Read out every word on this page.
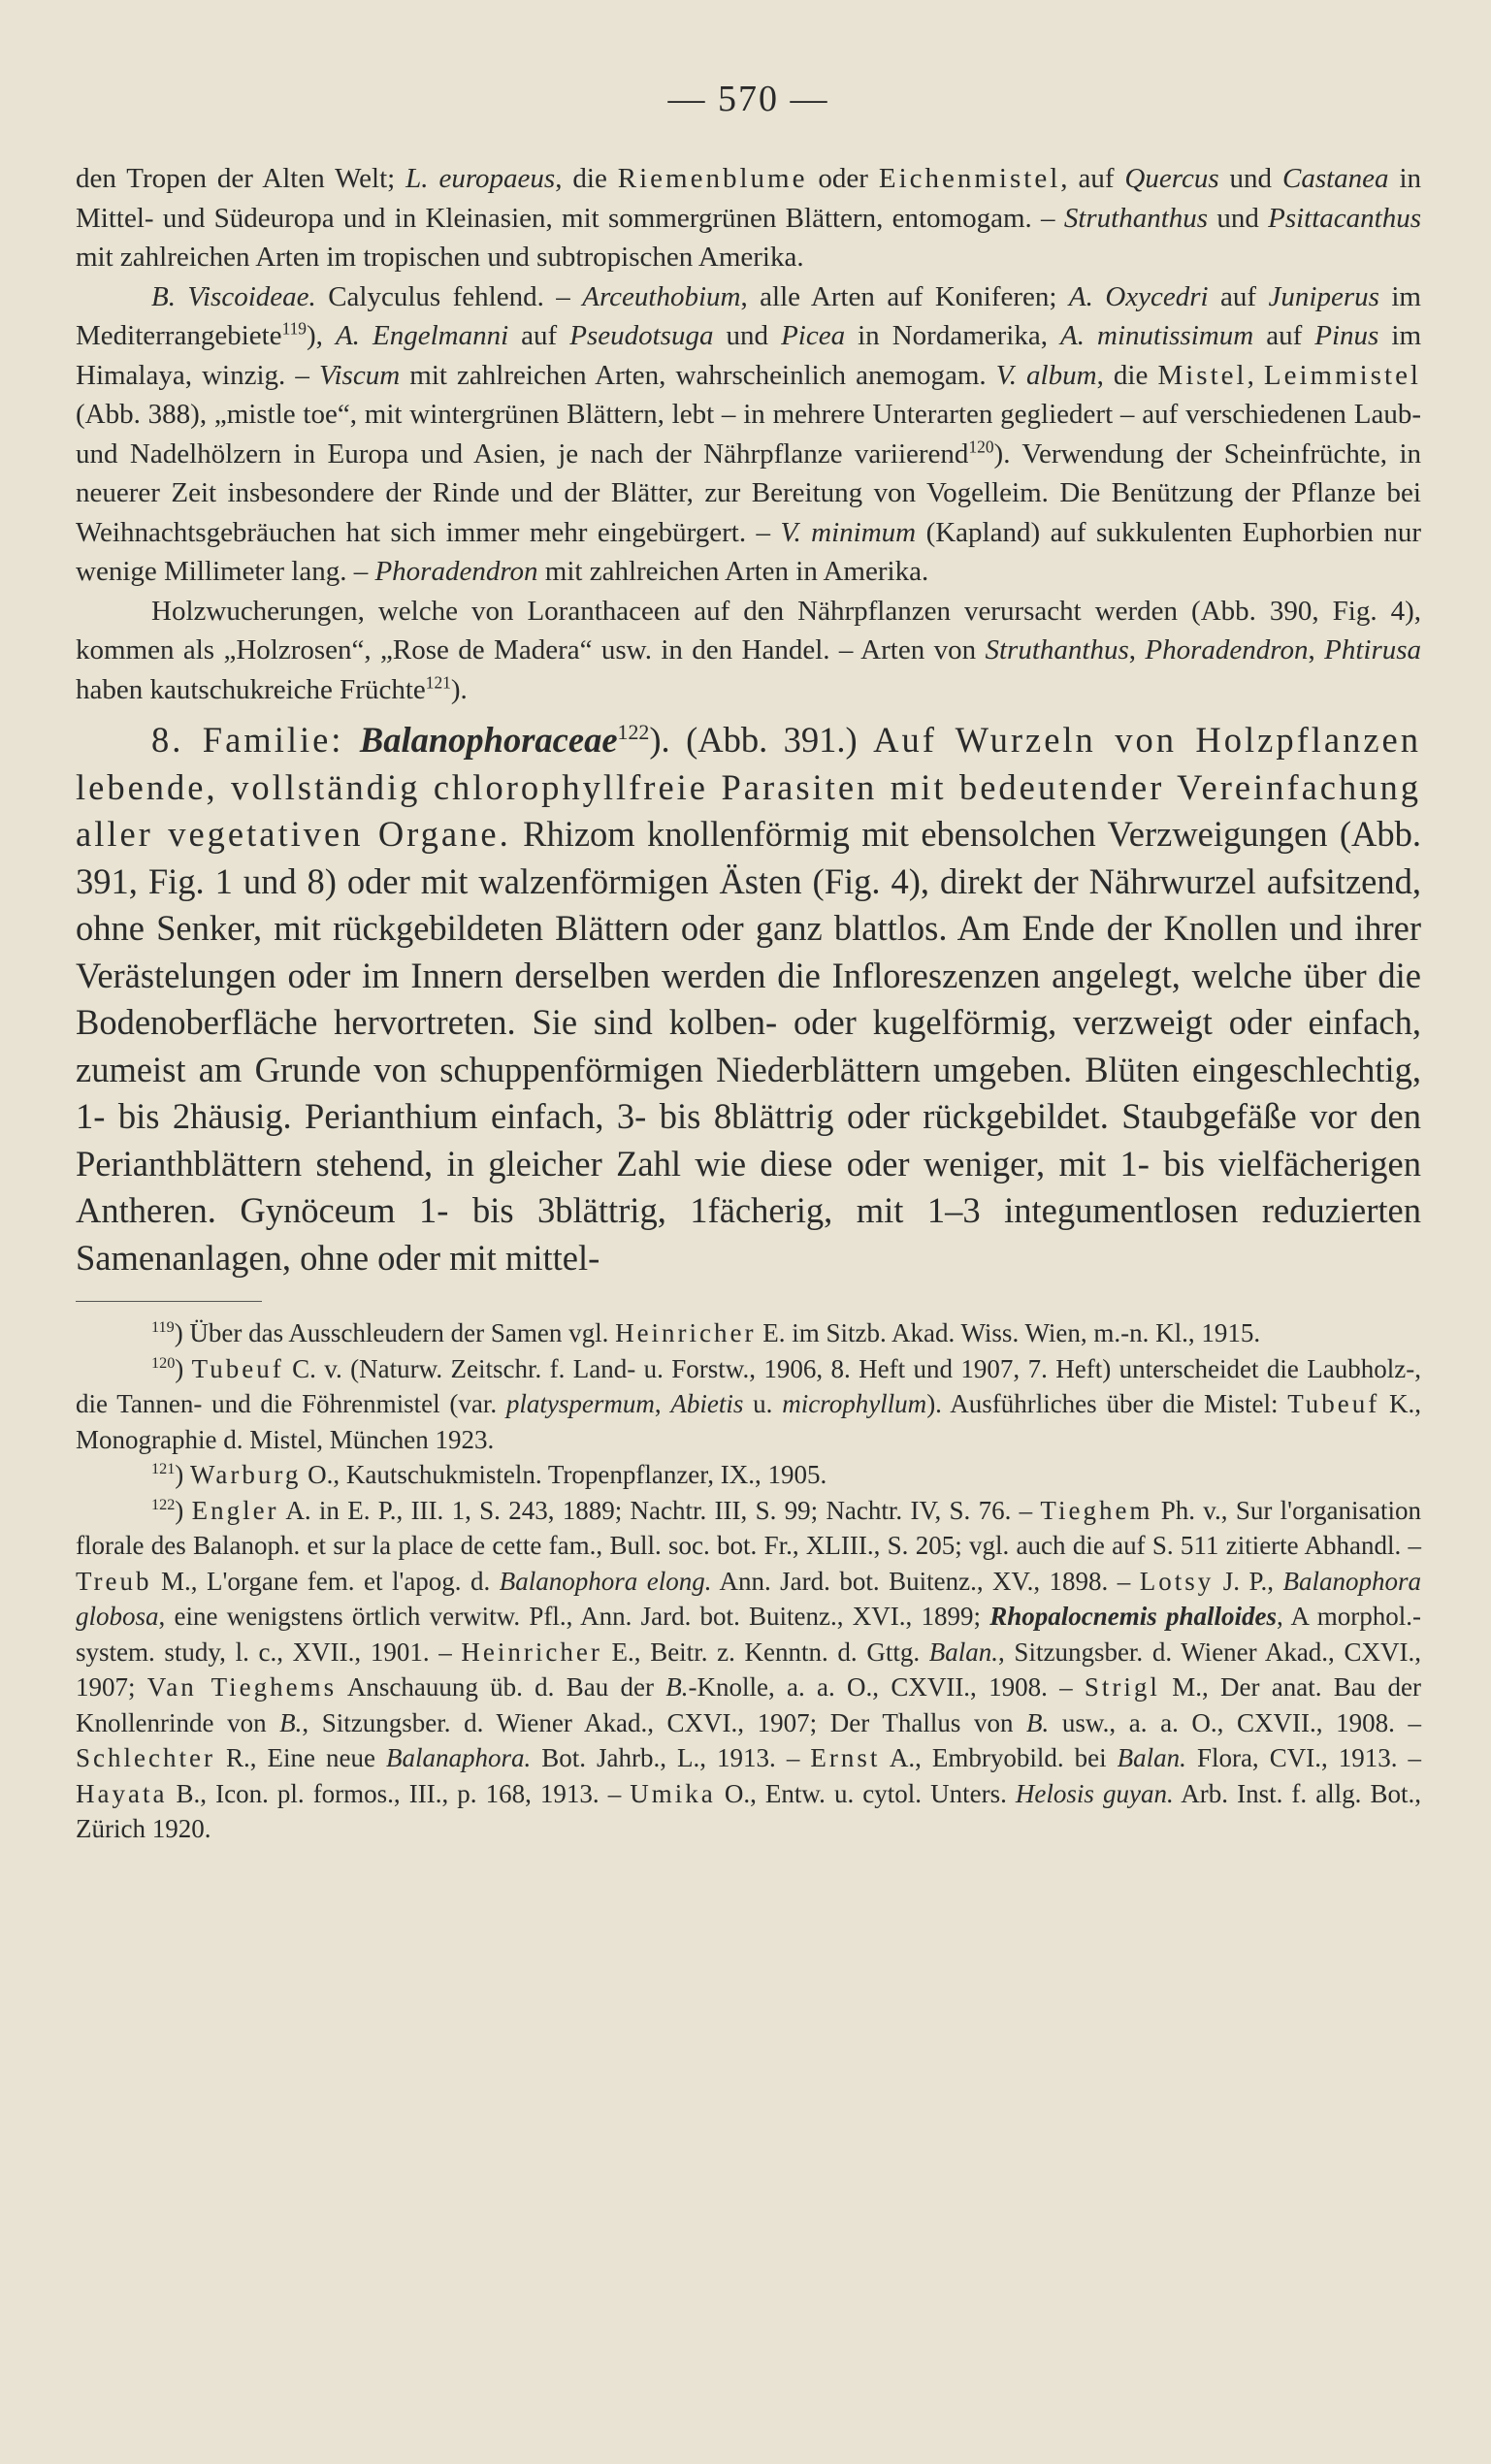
— 570 —

den Tropen der Alten Welt; L. europaeus, die Riemenblume oder Eichenmistel, auf Quercus und Castanea in Mittel- und Südeuropa und in Kleinasien, mit sommergrünen Blättern, entomogam. – Struthanthus und Psittacanthus mit zahlreichen Arten im tropischen und subtropischen Amerika.

B. Viscoideae. Calyculus fehlend. – Arceuthobium, alle Arten auf Koniferen; A. Oxycedri auf Juniperus im Mediterrangebiete$^{119}$), A. Engelmanni auf Pseudotsuga und Picea in Nordamerika, A. minutissimum auf Pinus im Himalaya, winzig. – Viscum mit zahlreichen Arten, wahrscheinlich anemogam. V. album, die Mistel, Leimmistel (Abb. 388), „mistle toe“, mit wintergrünen Blättern, lebt – in mehrere Unterarten gegliedert – auf verschiedenen Laub- und Nadelhölzern in Europa und Asien, je nach der Nährpflanze variierend$^{120}$). Verwendung der Scheinfrüchte, in neuerer Zeit insbesondere der Rinde und der Blätter, zur Bereitung von Vogelleim. Die Benützung der Pflanze bei Weihnachtsgebräuchen hat sich immer mehr eingebürgert. – V. minimum (Kapland) auf sukkulenten Euphorbien nur wenige Millimeter lang. – Phoradendron mit zahlreichen Arten in Amerika.

Holzwucherungen, welche von Loranthaceen auf den Nährpflanzen verursacht werden (Abb. 390, Fig. 4), kommen als „Holzrosen“, „Rose de Madera“ usw. in den Handel. – Arten von Struthanthus, Phoradendron, Phtirusa haben kautschukreiche Früchte$^{121}$).

8. Familie: Balanophoraceae$^{122}$). (Abb. 391.) Auf Wurzeln von Holzpflanzen lebende, vollständig chlorophyllfreie Parasiten mit bedeutender Vereinfachung aller vegetativen Organe. Rhizom knollenförmig mit ebensolchen Verzweigungen (Abb. 391, Fig. 1 und 8) oder mit walzenförmigen Ästen (Fig. 4), direkt der Nährwurzel aufsitzend, ohne Senker, mit rückgebildeten Blättern oder ganz blattlos. Am Ende der Knollen und ihrer Verästelungen oder im Innern derselben werden die Infloreszenzen angelegt, welche über die Bodenoberfläche hervortreten. Sie sind kolben- oder kugelförmig, verzweigt oder einfach, zumeist am Grunde von schuppenförmigen Niederblättern umgeben. Blüten eingeschlechtig, 1- bis 2häusig. Perianthium einfach, 3- bis 8blättrig oder rückgebildet. Staubgefäße vor den Perianthblättern stehend, in gleicher Zahl wie diese oder weniger, mit 1- bis vielfächerigen Antheren. Gynöceum 1- bis 3blättrig, 1fächerig, mit 1–3 integumentlosen reduzierten Samenanlagen, ohne oder mit mittel-

$^{119}$) Über das Ausschleudern der Samen vgl. Heinricher E. im Sitzb. Akad. Wiss. Wien, m.-n. Kl., 1915.

$^{120}$) Tubeuf C. v. (Naturw. Zeitschr. f. Land- u. Forstw., 1906, 8. Heft und 1907, 7. Heft) unterscheidet die Laubholz-, die Tannen- und die Föhrenmistel (var. platyspermum, Abietis u. microphyllum). Ausführliches über die Mistel: Tubeuf K., Monographie d. Mistel, München 1923.

$^{121}$) Warburg O., Kautschukmisteln. Tropenpflanzer, IX., 1905.

$^{122}$) Engler A. in E. P., III. 1, S. 243, 1889; Nachtr. III, S. 99; Nachtr. IV, S. 76. – Tieghem Ph. v., Sur l'organisation florale des Balanoph. et sur la place de cette fam., Bull. soc. bot. Fr., XLIII., S. 205; vgl. auch die auf S. 511 zitierte Abhandl. – Treub M., L'organe fem. et l'apog. d. Balanophora elong. Ann. Jard. bot. Buitenz., XV., 1898. – Lotsy J. P., Balanophora globosa, eine wenigstens örtlich verwitw. Pfl., Ann. Jard. bot. Buitenz., XVI., 1899; Rhopalocnemis phalloides, A morphol.-system. study, l. c., XVII., 1901. – Heinricher E., Beitr. z. Kenntn. d. Gttg. Balan., Sitzungsber. d. Wiener Akad., CXVI., 1907; Van Tieghems Anschauung üb. d. Bau der B.-Knolle, a. a. O., CXVII., 1908. – Strigl M., Der anat. Bau der Knollenrinde von B., Sitzungsber. d. Wiener Akad., CXVI., 1907; Der Thallus von B. usw., a. a. O., CXVII., 1908. – Schlechter R., Eine neue Balanaphora. Bot. Jahrb., L., 1913. – Ernst A., Embryobild. bei Balan. Flora, CVI., 1913. – Hayata B., Icon. pl. formos., III., p. 168, 1913. – Umika O., Entw. u. cytol. Unters. Helosis guyan. Arb. Inst. f. allg. Bot., Zürich 1920.
